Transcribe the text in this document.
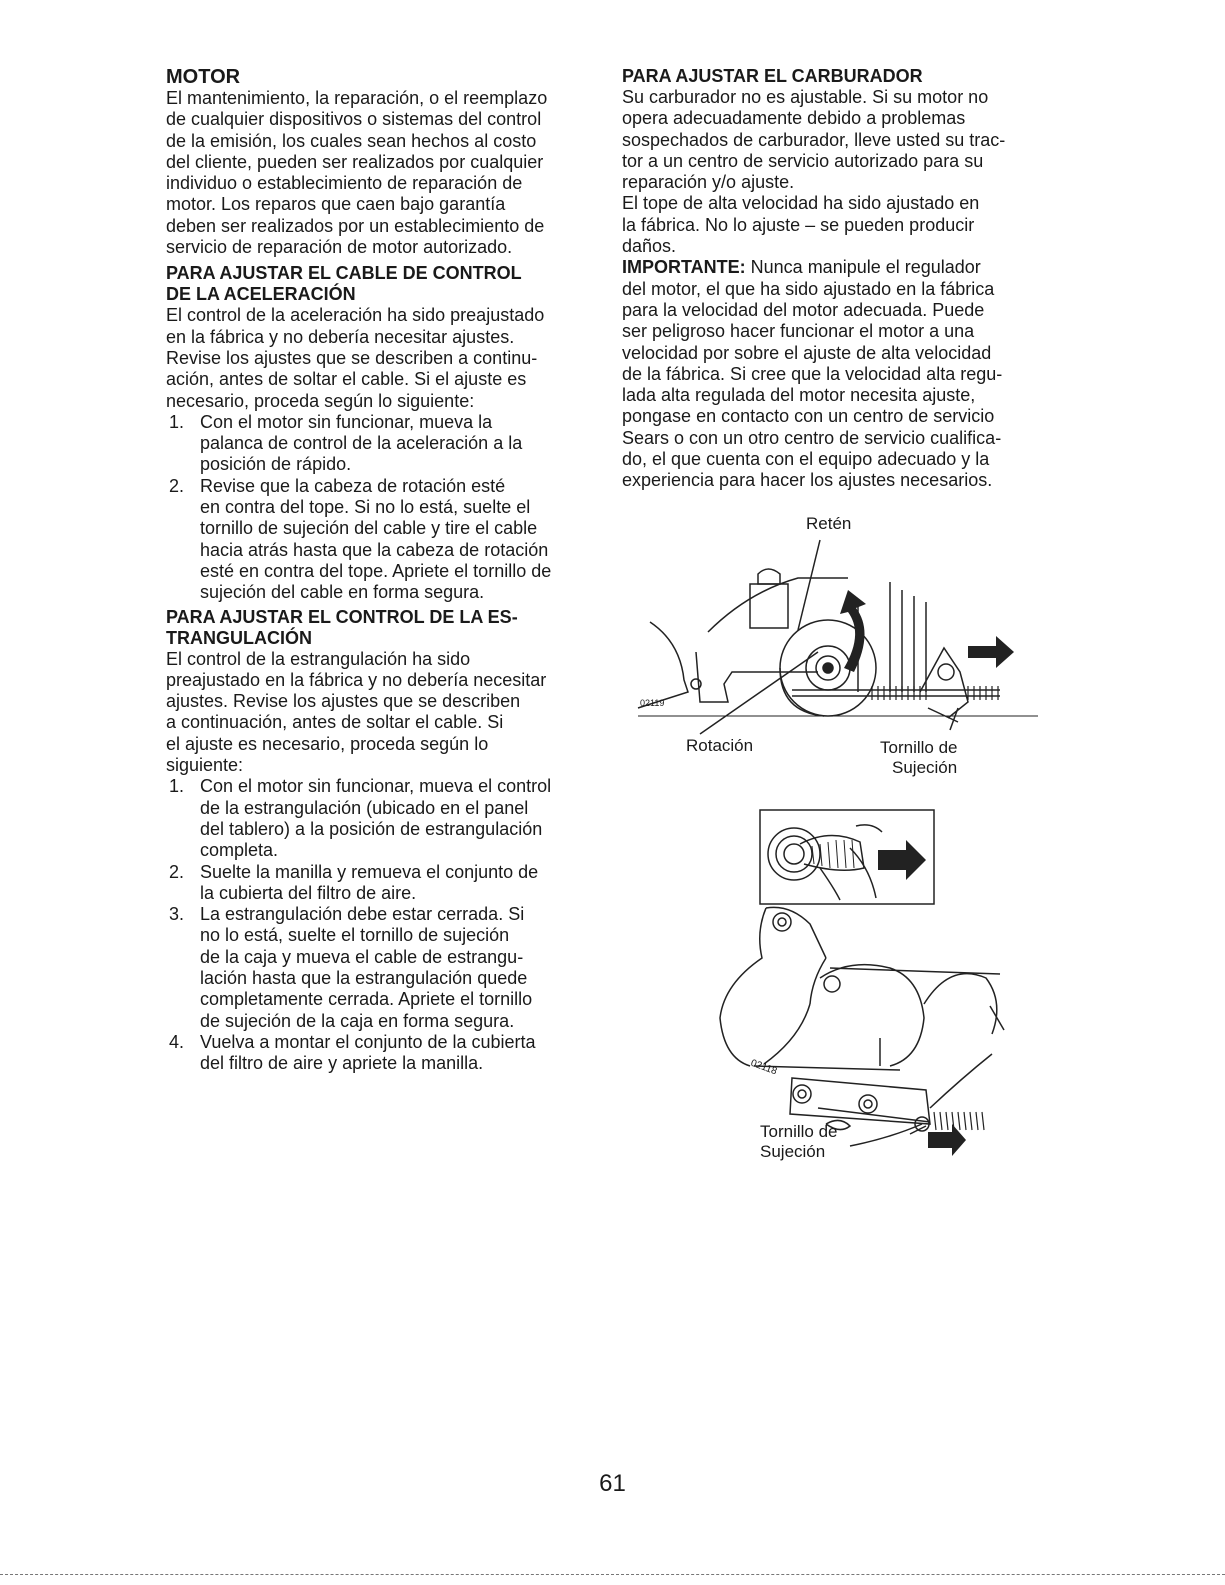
MOTOR
El mantenimiento, la reparación, o el reemplazo
de cualquier dispositivos o sistemas del control
de la emisión, los cuales sean hechos al costo
del cliente, pueden ser realizados por cualquier
individuo o establecimiento de reparación de
motor. Los reparos que caen bajo garantía
deben ser realizados por un establecimiento de
servicio de reparación de motor autorizado.
PARA AJUSTAR EL CABLE DE CONTROL
DE LA ACELERACIÓN
El control de la aceleración ha sido preajustado
en la fábrica y no debería necesitar ajustes.
Revise los ajustes que se describen a continu-
ación, antes de soltar el cable. Si el ajuste es
necesario, proceda según lo siguiente:
1. Con el motor sin funcionar, mueva la
palanca de control de la aceleración a la
posición de rápido.
2. Revise que la cabeza de rotación esté
en contra del tope. Si no lo está, suelte el
tornillo de sujeción del cable y tire el cable
hacia atrás hasta que la cabeza de rotación
esté en contra del tope. Apriete el tornillo de
sujeción del cable en forma segura.
PARA AJUSTAR EL CONTROL DE LA ES-
TRANGULACIÓN
El control de la estrangulación ha sido
preajustado en la fábrica y no debería necesitar
ajustes. Revise los ajustes que se describen
a continuación, antes de soltar el cable. Si
el ajuste es necesario, proceda según lo
siguiente:
1. Con el motor sin funcionar, mueva el control
de la estrangulación (ubicado en el panel
del tablero) a la posición de estrangulación
completa.
2. Suelte la manilla y remueva el conjunto de
la cubierta del filtro de aire.
3. La estrangulación debe estar cerrada. Si
no lo está, suelte el tornillo de sujeción
de la caja y mueva el cable de estrangu-
lación hasta que la estrangulación quede
completamente cerrada. Apriete el tornillo
de sujeción de la caja en forma segura.
4. Vuelva a montar el conjunto de la cubierta
del filtro de aire y apriete la manilla.
PARA AJUSTAR EL CARBURADOR
Su carburador no es ajustable. Si su motor no
opera adecuadamente debido a problemas
sospechados de carburador, lleve usted su trac-
tor a un centro de servicio autorizado para su
reparación y/o ajuste.
El tope de alta velocidad ha sido ajustado en
la fábrica. No lo ajuste – se pueden producir
daños.
IMPORTANTE: Nunca manipule el regulador
del motor, el que ha sido ajustado en la fábrica
para la velocidad del motor adecuada. Puede
ser peligroso hacer funcionar el motor a una
velocidad por sobre el ajuste de alta velocidad
de la fábrica. Si cree que la velocidad alta regu-
lada alta regulada del motor necesita ajuste,
pongase en contacto con un centro de servicio
Sears o con un otro centro de servicio cualifica-
do, el que cuenta con el equipo adecuado y la
experiencia para hacer los ajustes necesarios.
Retén
02119
Rotación	Tornillo de
Sujeción
02118
Tornillo de
Sujeción
61
